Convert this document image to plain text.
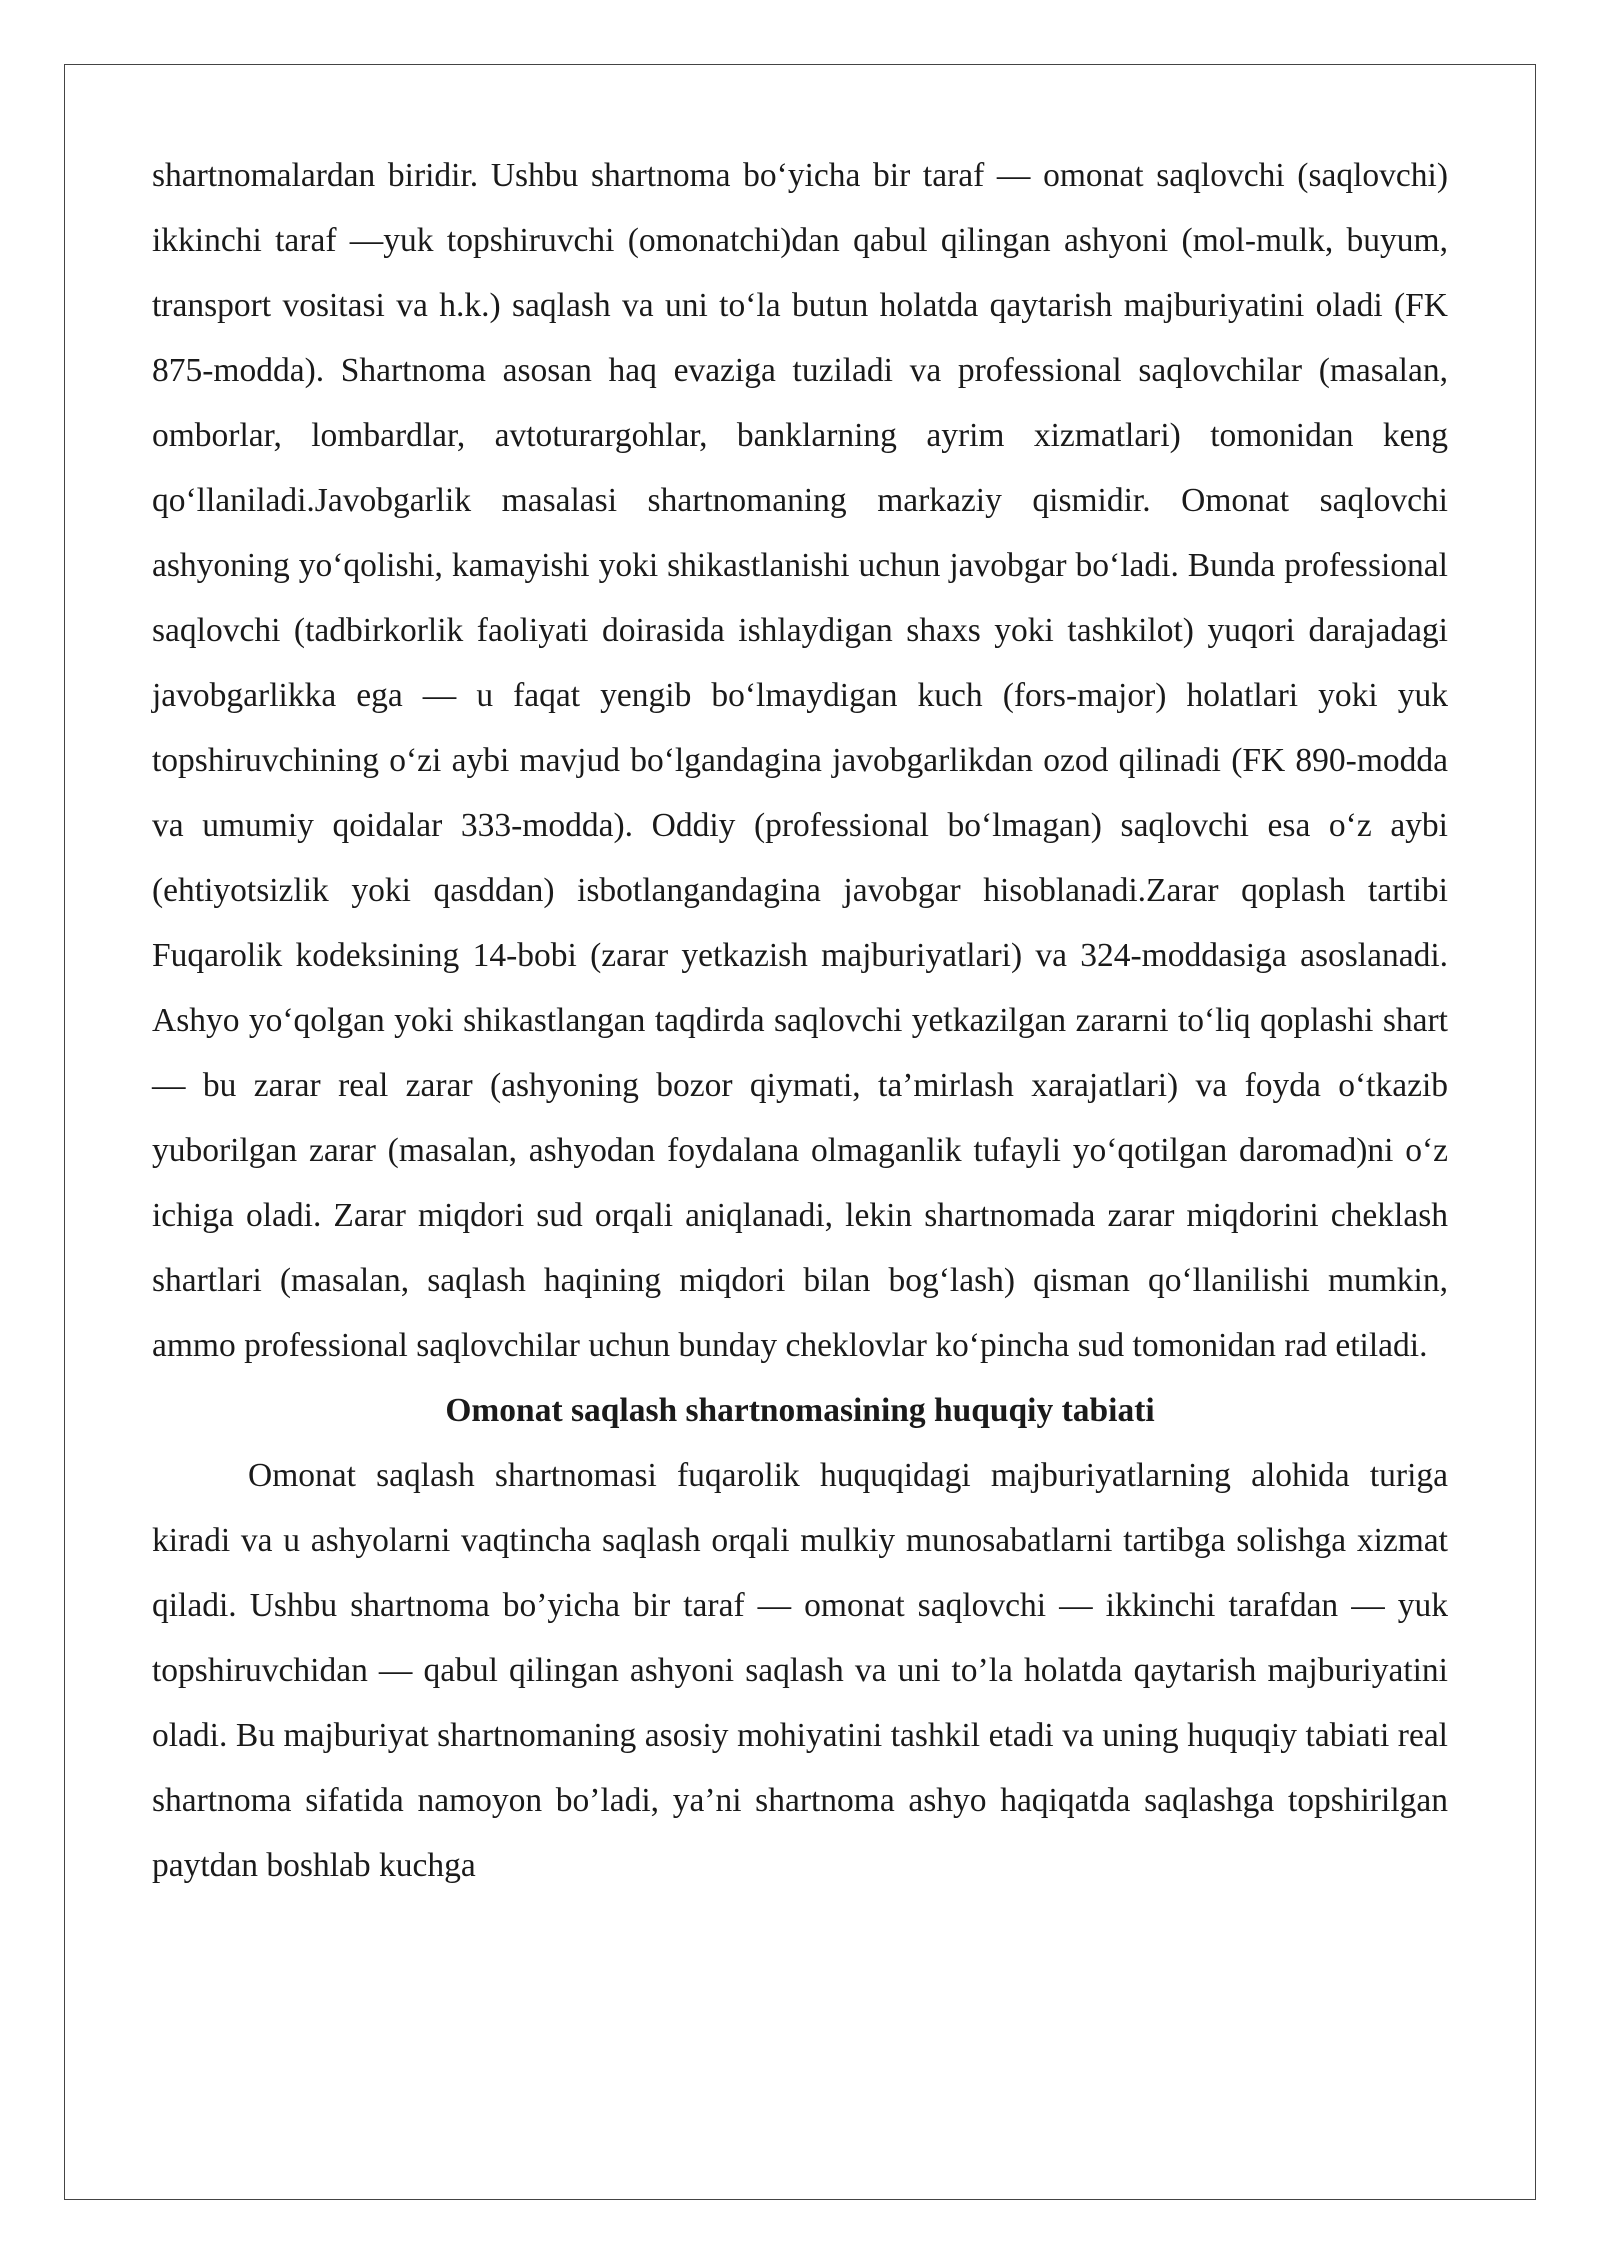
shartnomalardan biridir. Ushbu shartnoma bo‘yicha bir taraf — omonat saqlovchi (saqlovchi) ikkinchi taraf —yuk topshiruvchi (omonatchi)dan qabul qilingan ashyoni (mol-mulk, buyum, transport vositasi va h.k.) saqlash va uni to‘la butun holatda qaytarish majburiyatini oladi (FK 875-modda). Shartnoma asosan haq evaziga tuziladi va professional saqlovchilar (masalan, omborlar, lombardlar, avtoturargohlar, banklarning ayrim xizmatlari) tomonidan keng qo‘llaniladi.Javobgarlik masalasi shartnomaning markaziy qismidir. Omonat saqlovchi ashyoning yo‘qolishi, kamayishi yoki shikastlanishi uchun javobgar bo‘ladi. Bunda professional saqlovchi (tadbirkorlik faoliyati doirasida ishlaydigan shaxs yoki tashkilot) yuqori darajadagi javobgarlikka ega — u faqat yengib bo‘lmaydigan kuch (fors-major) holatlari yoki yuk topshiruvchining o‘zi aybi mavjud bo‘lgandagina javobgarlikdan ozod qilinadi (FK 890-modda va umumiy qoidalar 333-modda). Oddiy (professional bo‘lmagan) saqlovchi esa o‘z aybi (ehtiyotsizlik yoki qasddan) isbotlangandagina javobgar hisoblanadi.Zarar qoplash tartibi Fuqarolik kodeksining 14-bobi (zarar yetkazish majburiyatlari) va 324-moddasiga asoslanadi. Ashyo yo‘qolgan yoki shikastlangan taqdirda saqlovchi yetkazilgan zararni to‘liq qoplashi shart — bu zarar real zarar (ashyoning bozor qiymati, ta’mirlash xarajatlari) va foyda o‘tkazib yuborilgan zarar (masalan, ashyodan foydalana olmaganlik tufayli yo‘qotilgan daromad)ni o‘z ichiga oladi. Zarar miqdori sud orqali aniqlanadi, lekin shartnomada zarar miqdorini cheklash shartlari (masalan, saqlash haqining miqdori bilan bog‘lash) qisman qo‘llanilishi mumkin, ammo professional saqlovchilar uchun bunday cheklovlar ko‘pincha sud tomonidan rad etiladi.

Omonat saqlash shartnomasining huquqiy tabiati

Omonat saqlash shartnomasi fuqarolik huquqidagi majburiyatlarning alohida turiga kiradi va u ashyolarni vaqtincha saqlash orqali mulkiy munosabatlarni tartibga solishga xizmat qiladi. Ushbu shartnoma bo’yicha bir taraf — omonat saqlovchi — ikkinchi tarafdan — yuk topshiruvchidan — qabul qilingan ashyoni saqlash va uni to’la holatda qaytarish majburiyatini oladi. Bu majburiyat shartnomaning asosiy mohiyatini tashkil etadi va uning huquqiy tabiati real shartnoma sifatida namoyon bo’ladi, ya’ni shartnoma ashyo haqiqatda saqlashga topshirilgan paytdan boshlab kuchga
